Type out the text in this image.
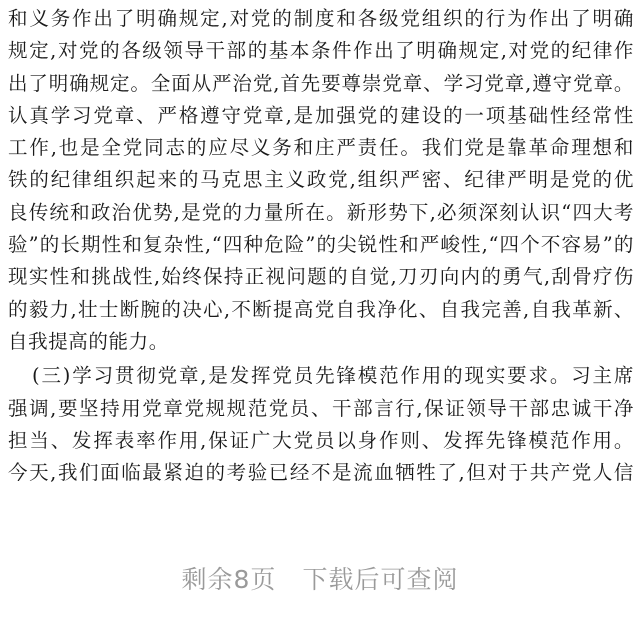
和义务作出了明确规定,对党的制度和各级党组织的行为作出了明确
规定,对党的各级领导干部的基本条件作出了明确规定,对党的纪律作
出了明确规定。全面从严治党,首先要尊崇党章、学习党章,遵守党章。
认真学习党章、严格遵守党章,是加强党的建设的一项基础性经常性
工作,也是全党同志的应尽义务和庄严责任。我们党是靠革命理想和
铁的纪律组织起来的马克思主义政党,组织严密、纪律严明是党的优
良传统和政治优势,是党的力量所在。新形势下,必须深刻认识“四大考
验”的长期性和复杂性,“四种危险”的尖锐性和严峻性,“四个不容易”的
现实性和挑战性,始终保持正视问题的自觉,刀刃向内的勇气,刮骨疗伤
的毅力,壮士断腕的决心,不断提高党自我净化、自我完善,自我革新、
自我提高的能力。
(三)学习贯彻党章,是发挥党员先锋模范作用的现实要求。习主席
强调,要坚持用党章党规规范党员、干部言行,保证领导干部忠诚干净
担当、发挥表率作用,保证广大党员以身作则、发挥先锋模范作用。
今天,我们面临最紧迫的考验已经不是流血牺牲了,但对于共产党人信
剩余8页 下载后可查阅
